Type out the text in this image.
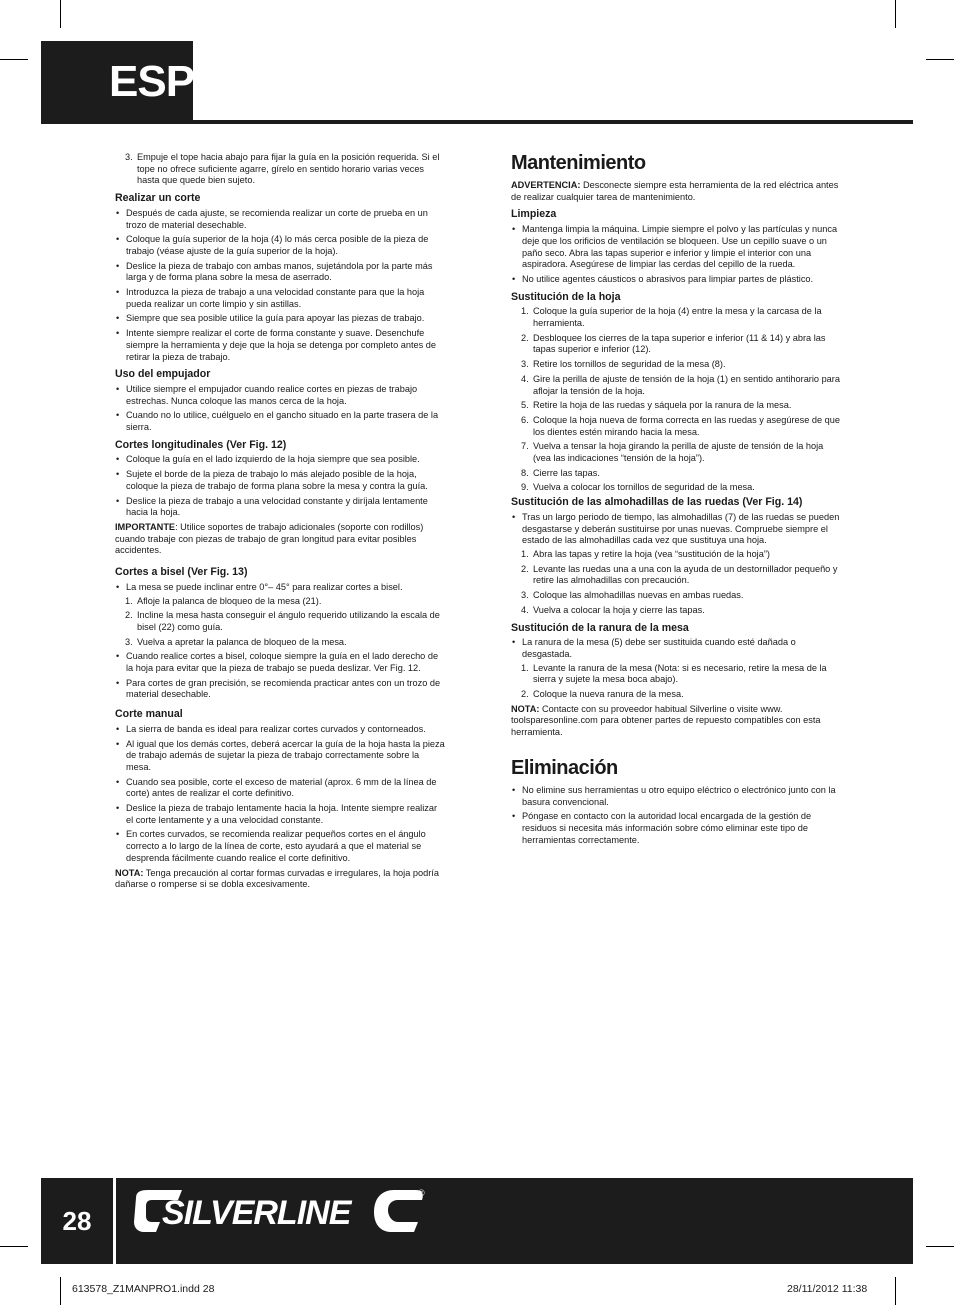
ESP
3. Empuje el tope hacia abajo para fijar la guía en la posición requerida. Si el tope no ofrece suficiente agarre, gírelo en sentido horario varias veces hasta que quede bien sujeto.
Realizar un corte
• Después de cada ajuste, se recomienda realizar un corte de prueba en un trozo de material desechable.
• Coloque la guía superior de la hoja (4) lo más cerca posible de la pieza de trabajo (véase ajuste de la guía superior de la hoja).
• Deslice la pieza de trabajo con ambas manos, sujetándola por la parte más larga y de forma plana sobre la mesa de aserrado.
• Introduzca la pieza de trabajo a una velocidad constante para que la hoja pueda realizar un corte limpio y sin astillas.
• Siempre que sea posible utilice la guía para apoyar las piezas de trabajo.
• Intente siempre realizar el corte de forma constante y suave. Desenchufe siempre la herramienta y deje que la hoja se detenga por completo antes de retirar la pieza de trabajo.
Uso del empujador
• Utilice siempre el empujador cuando realice cortes en piezas de trabajo estrechas. Nunca coloque las manos cerca de la hoja.
• Cuando no lo utilice, cuélguelo en el gancho situado en la parte trasera de la sierra.
Cortes longitudinales (Ver Fig. 12)
• Coloque la guía en el lado izquierdo de la hoja siempre que sea posible.
• Sujete el borde de la pieza de trabajo lo más alejado posible de la hoja, coloque la pieza de trabajo de forma plana sobre la mesa y contra la guía.
• Deslice la pieza de trabajo a una velocidad constante y diríjala lentamente hacia la hoja.

IMPORTANTE: Utilice soportes de trabajo adicionales (soporte con rodillos) cuando trabaje con piezas de trabajo de gran longitud para evitar posibles accidentes.

Cortes a bisel (Ver Fig. 13)
• La mesa se puede inclinar entre 0°– 45° para realizar cortes a bisel.
1. Afloje la palanca de bloqueo de la mesa (21).
2. Incline la mesa hasta conseguir el ángulo requerido utilizando la escala de bisel (22) como guía.
3. Vuelva a apretar la palanca de bloqueo de la mesa.
• Cuando realice cortes a bisel, coloque siempre la guía en el lado derecho de la hoja para evitar que la pieza de trabajo se pueda deslizar. Ver Fig. 12.
• Para cortes de gran precisión, se recomienda practicar antes con un trozo de material desechable.
Corte manual
• La sierra de banda es ideal para realizar cortes curvados y contorneados.
• Al igual que los demás cortes, deberá acercar la guía de la hoja hasta la pieza de trabajo además de sujetar la pieza de trabajo correctamente sobre la mesa.
• Cuando sea posible, corte el exceso de material (aprox. 6 mm de la línea de corte) antes de realizar el corte definitivo.
• Deslice la pieza de trabajo lentamente hacia la hoja. Intente siempre realizar el corte lentamente y a una velocidad constante.
• En cortes curvados, se recomienda realizar pequeños cortes en el ángulo correcto a lo largo de la línea de corte, esto ayudará a que el material se desprenda fácilmente cuando realice el corte definitivo.

NOTA: Tenga precaución al cortar formas curvadas e irregulares, la hoja podría dañarse o romperse si se dobla excesivamente.

Mantenimiento

ADVERTENCIA: Desconecte siempre esta herramienta de la red eléctrica antes de realizar cualquier tarea de mantenimiento.

Limpieza
• Mantenga limpia la máquina. Limpie siempre el polvo y las partículas y nunca deje que los orificios de ventilación se bloqueen. Use un cepillo suave o un paño seco. Abra las tapas superior e inferior y limpie el interior con una aspiradora. Asegúrese de limpiar las cerdas del cepillo de la rueda.
• No utilice agentes cáusticos o abrasivos para limpiar partes de plástico.
Sustitución de la hoja
1. Coloque la guía superior de la hoja (4) entre la mesa y la carcasa de la herramienta.
2. Desbloquee los cierres de la tapa superior e inferior (11 & 14) y abra las tapas superior e inferior (12).
3. Retire los tornillos de seguridad de la mesa (8).
4. Gire la perilla de ajuste de tensión de la hoja (1) en sentido antihorario para aflojar la tensión de la hoja.
5. Retire la hoja de las ruedas y sáquela por la ranura de la mesa.
6. Coloque la hoja nueva de forma correcta en las ruedas y asegúrese de que los dientes estén mirando hacia la mesa.
7. Vuelva a tensar la hoja girando la perilla de ajuste de tensión de la hoja (vea las indicaciones “tensión de la hoja”).
8. Cierre las tapas.
9. Vuelva a colocar los tornillos de seguridad de la mesa.
Sustitución de las almohadillas de las ruedas (Ver Fig. 14)
• Tras un largo periodo de tiempo, las almohadillas (7) de las ruedas se pueden desgastarse y deberán sustituirse por unas nuevas. Compruebe siempre el estado de las almohadillas cada vez que sustituya una hoja.
1. Abra las tapas y retire la hoja (vea “sustitución de la hoja”)
2. Levante las ruedas una a una con la ayuda de un destornillador pequeño y retire las almohadillas con precaución.
3. Coloque las almohadillas nuevas en ambas ruedas.
4. Vuelva a colocar la hoja y cierre las tapas.
Sustitución de la ranura de la mesa
• La ranura de la mesa (5) debe ser sustituida cuando esté dañada o desgastada.
1. Levante la ranura de la mesa (Nota: si es necesario, retire la mesa de la sierra y sujete la mesa boca abajo).
2. Coloque la nueva ranura de la mesa.

NOTA: Contacte con su proveedor habitual Silverline o visite www. toolsparesonline.com para obtener partes de repuesto compatibles con esta herramienta.

Eliminación
• No elimine sus herramientas u otro equipo eléctrico o electrónico junto con la basura convencional.
• Póngase en contacto con la autoridad local encargada de la gestión de residuos si necesita más información sobre cómo eliminar este tipo de herramientas correctamente.
28	SILVERLINE
®
613578_Z1MANPRO1.indd 28	28/11/2012 11:38
